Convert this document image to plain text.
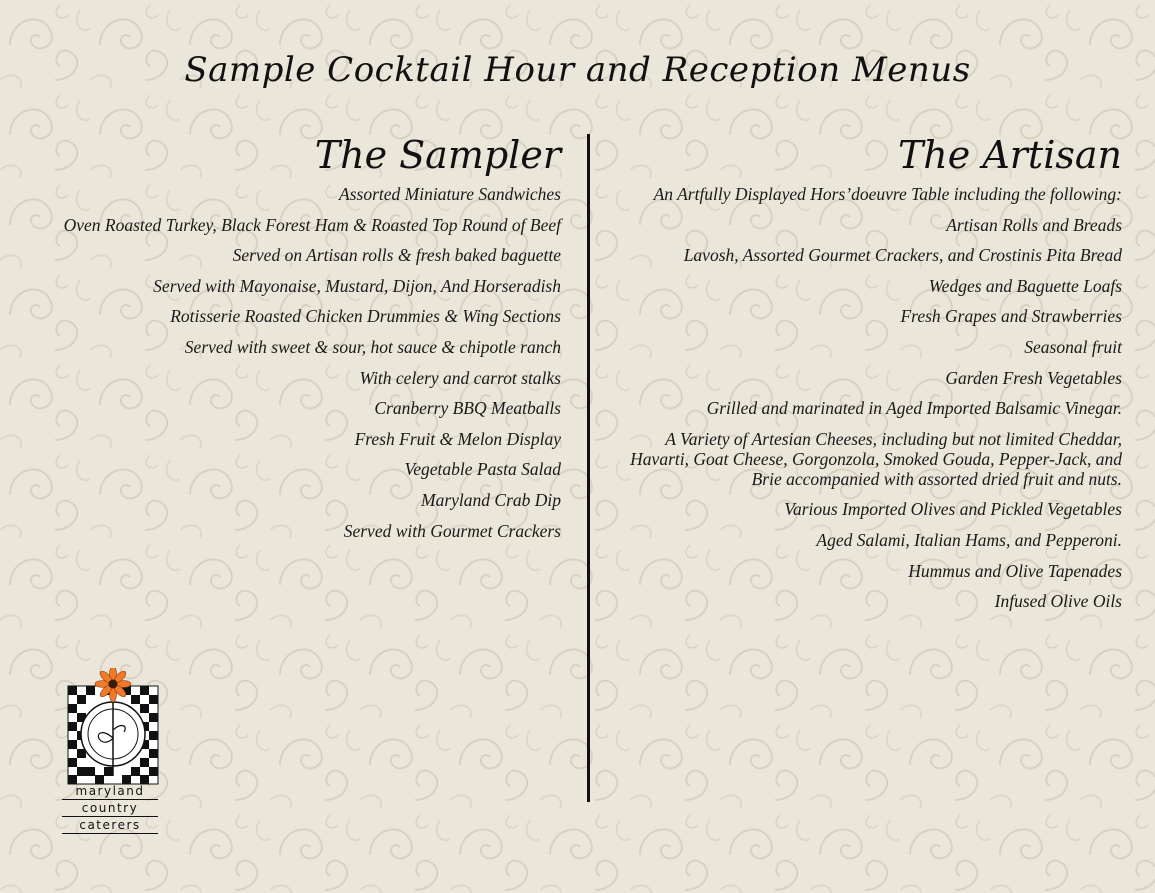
Sample Cocktail Hour and Reception Menus
The Sampler
Assorted Miniature Sandwiches
Oven Roasted Turkey, Black Forest Ham & Roasted Top Round of Beef
Served on Artisan rolls & fresh baked baguette
Served with Mayonaise, Mustard, Dijon, And Horseradish
Rotisserie Roasted Chicken Drummies & Wing Sections
Served with sweet & sour, hot sauce & chipotle ranch
With celery and carrot stalks
Cranberry BBQ Meatballs
Fresh Fruit & Melon Display
Vegetable Pasta Salad
Maryland Crab Dip
Served with Gourmet Crackers
The Artisan
An Artfully Displayed Hors’doeuvre Table including the following:
Artisan Rolls and Breads
Lavosh, Assorted Gourmet Crackers, and Crostinis Pita Bread
Wedges and Baguette Loafs
Fresh Grapes and Strawberries
Seasonal fruit
Garden Fresh Vegetables
Grilled and marinated in Aged Imported Balsamic Vinegar.
A Variety of Artesian Cheeses, including but not limited Cheddar, Havarti, Goat Cheese, Gorgonzola, Smoked Gouda, Pepper-Jack, and Brie accompanied with assorted dried fruit and nuts.
Various Imported Olives and Pickled Vegetables
Aged Salami, Italian Hams, and Pepperoni.
Hummus and Olive Tapenades
Infused Olive Oils
maryland
country
caterers
